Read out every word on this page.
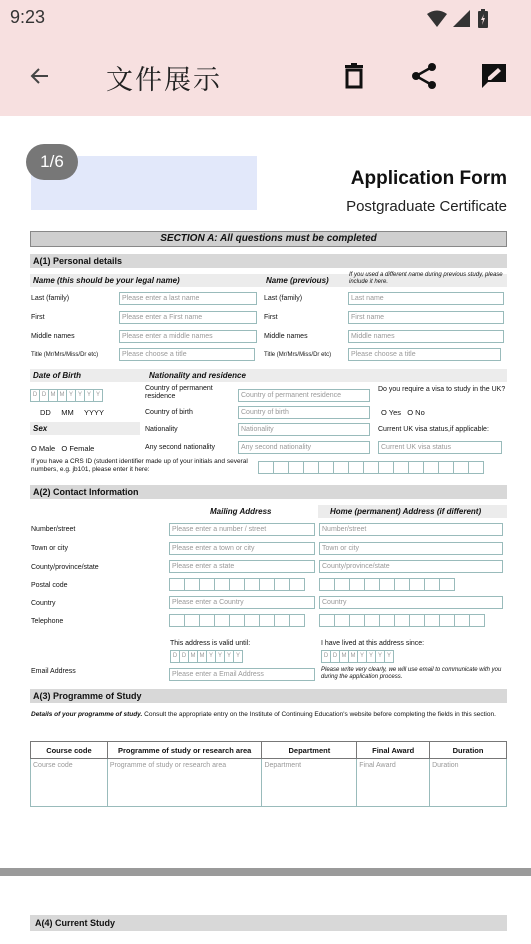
9:23
文件展示
1/6
Application Form
Postgraduate Certificate
SECTION A: All questions must be completed
A(1) Personal details
Name (this should be your legal name)	Name (previous)
If you used a different name during previous study, please include it here.
Last (family)	Please enter a last name	Last (family)	Last name
First	Please enter a First name	First	First name
Middle names	Please enter a middle names	Middle names	Middle names
Title (Mr/Mrs/Miss/Dr etc)	Please choose a title	Title (Mr/Mrs/Miss/Dr etc)	Please choose a title
Date of Birth	Nationality and residence
D D M M Y Y Y Y
DD     MM     YYYY
Country of permanent residence	Country of permanent residence
Do you require a visa to study in the UK?
Country of birth	Country of birth	O Yes   O No
Sex	Nationality	Nationality	Current UK visa status,if applicable:
O Male   O Female	Any second nationality	Any second nationality	Current UK visa status
If you have a CRS ID (student identifier made up of your initials and several numbers, e.g. jb101, please enter it here:
A(2) Contact Information
Mailing Address	Home (permanent) Address (if different)
Number/street	Please enter a number / street	Number/street
Town or city	Please enter a town or city	Town or city
County/province/state	Please enter a state	County/province/state
Postal code
Country	Please enter a Country	Country
Telephone
This address is valid until:
D D M M Y Y Y Y
I have lived at this address since:
D D M M Y Y Y Y
Email Address	Please enter a Email Address
Please write very clearly, we will use email to communicate with you during the application process.
A(3) Programme of Study
Details of your programme of study. Consult the appropriate entry on the Institute of Continuing Education's website before completing the fields in this section.
Course code	Programme of study or research area	Department	Final Award	Duration
Course code	Programme of study or research area	Department	Final Award	Duration
A(4) Current Study
